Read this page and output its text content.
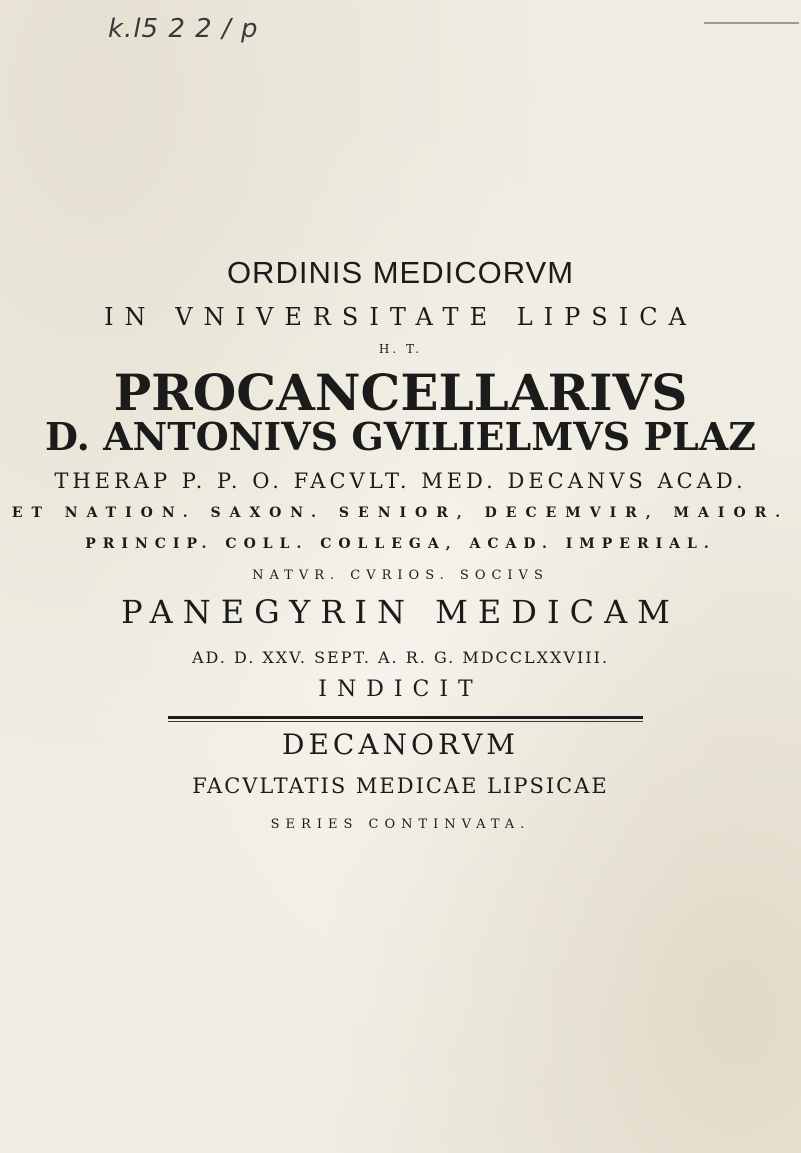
k.l5 2 2 / p
ORDINIS MEDICORVM
IN VNIVERSITATE LIPSICA
H. T.
PROCANCELLARIVS
D. ANTONIVS GVILIELMVS PLAZ
THERAP P. P. O. FACVLT. MED. DECANVS ACAD.
ET NATION. SAXON. SENIOR, DECEMVIR, MAIOR.
PRINCIP. COLL. COLLEGA, ACAD. IMPERIAL.
NATVR. CVRIOS. SOCIVS
PANEGYRIN MEDICAM
AD. D. XXV. SEPT. A. R. G. MDCCLXXVIII.
INDICIT
DECANORVM
FACVLTATIS MEDICAE LIPSICAE
SERIES CONTINVATA.
